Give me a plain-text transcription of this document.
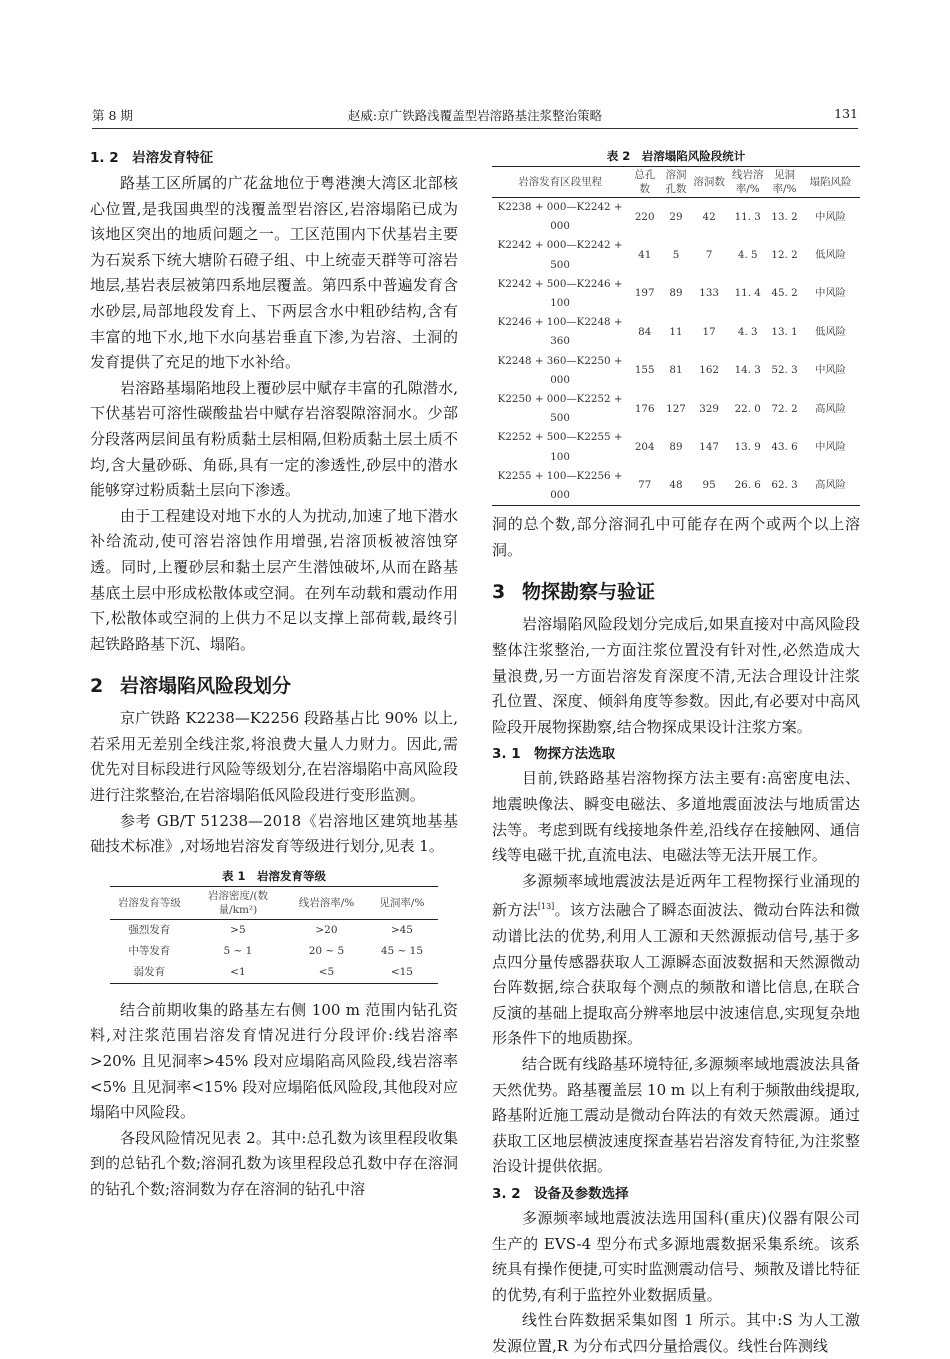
第 8 期	赵威:京广铁路浅覆盖型岩溶路基注浆整治策略	131
1. 2　岩溶发育特征

路基工区所属的广花盆地位于粤港澳大湾区北部核心位置,是我国典型的浅覆盖型岩溶区,岩溶塌陷已成为该地区突出的地质问题之一。工区范围内下伏基岩主要为石炭系下统大塘阶石磴子组、中上统壶天群等可溶岩地层,基岩表层被第四系地层覆盖。第四系中普遍发育含水砂层,局部地段发育上、下两层含水中粗砂结构,含有丰富的地下水,地下水向基岩垂直下渗,为岩溶、土洞的发育提供了充足的地下水补给。

岩溶路基塌陷地段上覆砂层中赋存丰富的孔隙潜水,下伏基岩可溶性碳酸盐岩中赋存岩溶裂隙溶洞水。少部分段落两层间虽有粉质黏土层相隔,但粉质黏土层土质不均,含大量砂砾、角砾,具有一定的渗透性,砂层中的潜水能够穿过粉质黏土层向下渗透。

由于工程建设对地下水的人为扰动,加速了地下潜水补给流动,使可溶岩溶蚀作用增强,岩溶顶板被溶蚀穿透。同时,上覆砂层和黏土层产生潜蚀破坏,从而在路基基底土层中形成松散体或空洞。在列车动载和震动作用下,松散体或空洞的上供力不足以支撑上部荷载,最终引起铁路路基下沉、塌陷。

2 岩溶塌陷风险段划分

京广铁路 K2238—K2256 段路基占比 90% 以上,若采用无差别全线注浆,将浪费大量人力财力。因此,需优先对目标段进行风险等级划分,在岩溶塌陷中高风险段进行注浆整治,在岩溶塌陷低风险段进行变形监测。

参考 GB/T 51238—2018《岩溶地区建筑地基基础技术标准》,对场地岩溶发育等级进行划分,见表 1。

表 1　岩溶发育等级
岩溶发育等级	岩溶密度/(数量/km²)	线岩溶率/%	见洞率/%
强烈发育	>5	>20	>45
中等发育	5 ~ 1	20 ~ 5	45 ~ 15
弱发育	<1	<5	<15

结合前期收集的路基左右侧 100 m 范围内钻孔资料,对注浆范围岩溶发育情况进行分段评价:线岩溶率>20% 且见洞率>45% 段对应塌陷高风险段,线岩溶率<5% 且见洞率<15% 段对应塌陷低风险段,其他段对应塌陷中风险段。

各段风险情况见表 2。其中:总孔数为该里程段收集到的总钻孔个数;溶洞孔数为该里程段总孔数中存在溶洞的钻孔个数;溶洞数为存在溶洞的钻孔中溶

表 2　岩溶塌陷风险段统计
岩溶发育区段里程	总孔数	溶洞孔数	溶洞数	线岩溶率/%	见洞率/%	塌陷风险
K2238 + 000—K2242 + 000	220	29	42	11. 3	13. 2	中风险
K2242 + 000—K2242 + 500	41	5	7	4. 5	12. 2	低风险
K2242 + 500—K2246 + 100	197	89	133	11. 4	45. 2	中风险
K2246 + 100—K2248 + 360	84	11	17	4. 3	13. 1	低风险
K2248 + 360—K2250 + 000	155	81	162	14. 3	52. 3	中风险
K2250 + 000—K2252 + 500	176	127	329	22. 0	72. 2	高风险
K2252 + 500—K2255 + 100	204	89	147	13. 9	43. 6	中风险
K2255 + 100—K2256 + 000	77	48	95	26. 6	62. 3	高风险

洞的总个数,部分溶洞孔中可能存在两个或两个以上溶洞。

3 物探勘察与验证

岩溶塌陷风险段划分完成后,如果直接对中高风险段整体注浆整治,一方面注浆位置没有针对性,必然造成大量浪费,另一方面岩溶发育深度不清,无法合理设计注浆孔位置、深度、倾斜角度等参数。因此,有必要对中高风险段开展物探勘察,结合物探成果设计注浆方案。

3. 1　物探方法选取

目前,铁路路基岩溶物探方法主要有:高密度电法、地震映像法、瞬变电磁法、多道地震面波法与地质雷达法等。考虑到既有线接地条件差,沿线存在接触网、通信线等电磁干扰,直流电法、电磁法等无法开展工作。

多源频率域地震波法是近两年工程物探行业涌现的新方法[13]。该方法融合了瞬态面波法、微动台阵法和微动谱比法的优势,利用人工源和天然源振动信号,基于多点四分量传感器获取人工源瞬态面波数据和天然源微动台阵数据,综合获取每个测点的频散和谱比信息,在联合反演的基础上提取高分辨率地层中波速信息,实现复杂地形条件下的地质勘探。

结合既有线路基环境特征,多源频率域地震波法具备天然优势。路基覆盖层 10 m 以上有利于频散曲线提取,路基附近施工震动是微动台阵法的有效天然震源。通过获取工区地层横波速度探查基岩岩溶发育特征,为注浆整治设计提供依据。

3. 2　设备及参数选择

多源频率域地震波法选用国科(重庆)仪器有限公司生产的 EVS-4 型分布式多源地震数据采集系统。该系统具有操作便捷,可实时监测震动信号、频散及谱比特征的优势,有利于监控外业数据质量。

线性台阵数据采集如图 1 所示。其中:S 为人工激发源位置,R 为分布式四分量拾震仪。线性台阵测线
